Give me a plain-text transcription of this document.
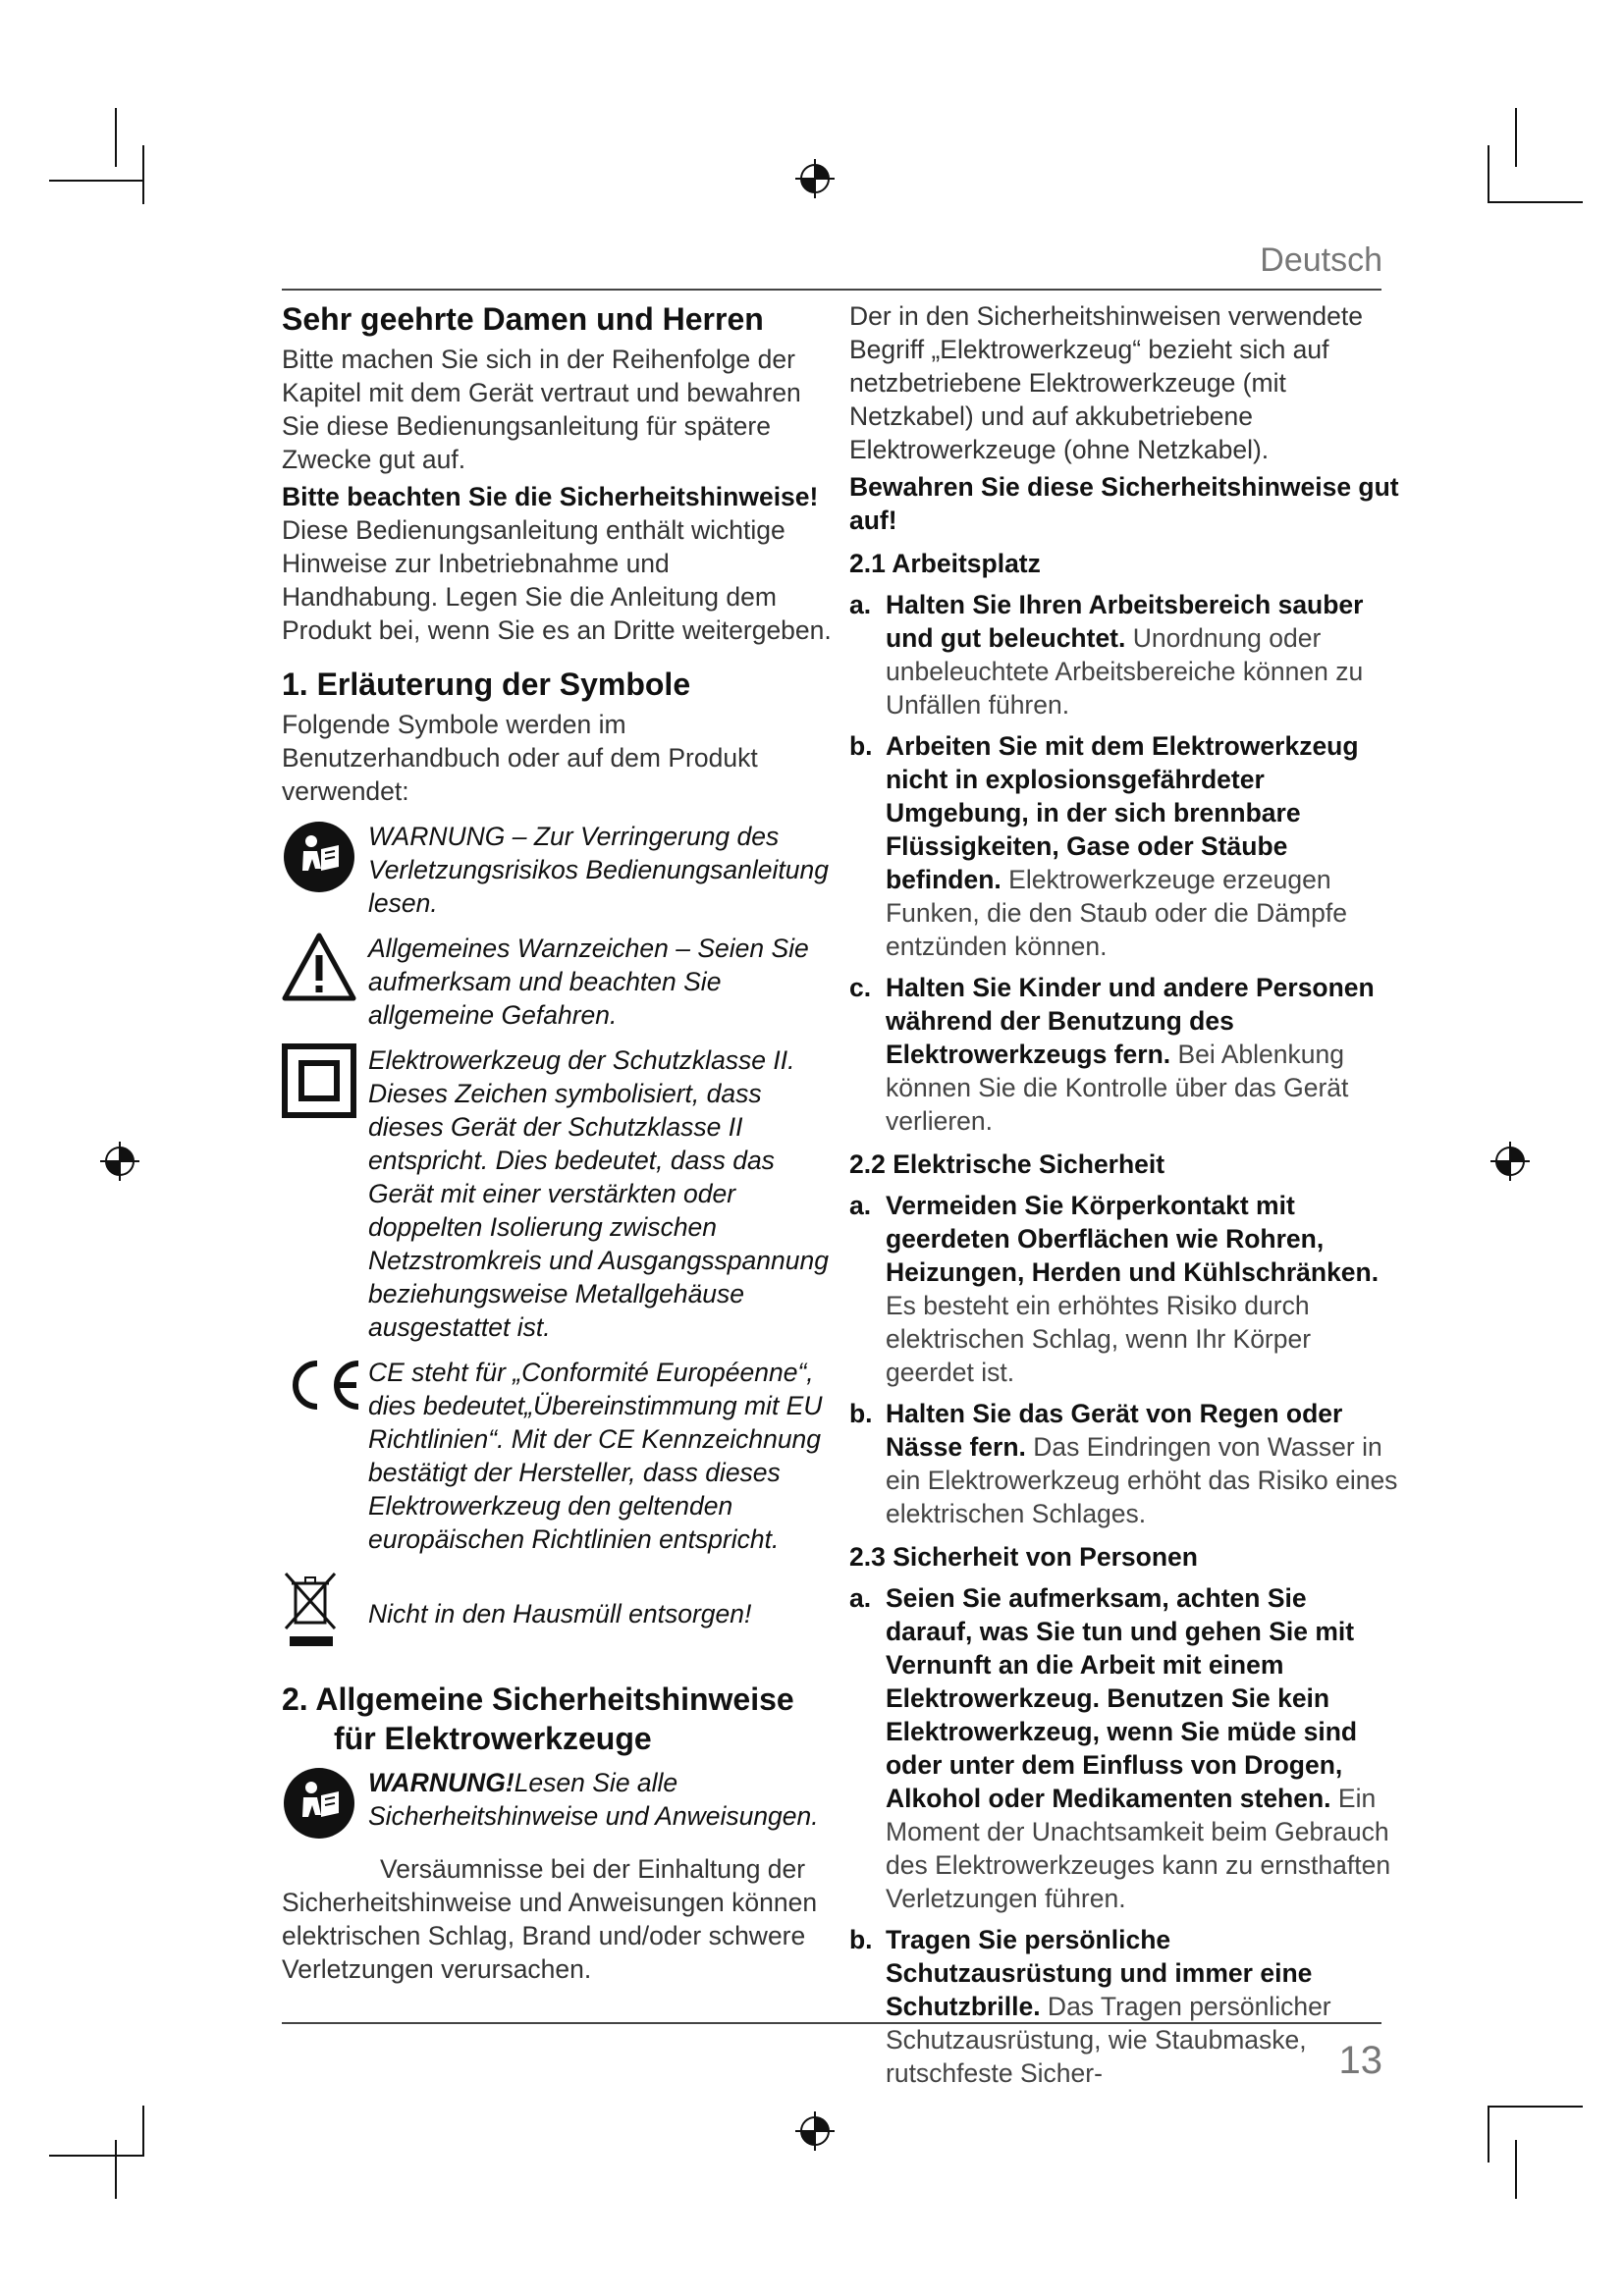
Deutsch
Sehr geehrte Damen und Herren

Bitte machen Sie sich in der Reihenfolge der Kapitel mit dem Gerät vertraut und bewahren Sie diese Bedienungsanleitung für spätere Zwecke gut auf.

Bitte beachten Sie die Sicherheitshinweise!

Diese Bedienungsanleitung enthält wichtige Hinweise zur Inbetriebnahme und Handhabung. Legen Sie die Anleitung dem Produkt bei, wenn Sie es an Dritte weitergeben.

1. Erläuterung der Symbole

Folgende Symbole werden im Benutzerhandbuch oder auf dem Produkt verwendet:

WARNUNG – Zur Verringerung des Verletzungsrisikos Bedienungsanleitung lesen.
Allgemeines Warnzeichen – Seien Sie aufmerksam und beachten Sie allgemeine Gefahren.
Elektrowerkzeug der Schutzklasse II. Dieses Zeichen symbolisiert, dass dieses Gerät der Schutzklasse II entspricht. Dies bedeutet, dass das Gerät mit einer verstärkten oder doppelten Isolierung zwischen Netzstromkreis und Ausgangsspannung beziehungsweise Metallgehäuse ausgestattet ist.
CE steht für „Conformité Européenne“, dies bedeutet„Übereinstimmung mit EU Richtlinien“. Mit der CE Kennzeichnung bestätigt der Hersteller, dass dieses Elektrowerkzeug den geltenden europäischen Richtlinien entspricht.
Nicht in den Hausmüll entsorgen!
2. Allgemeine Sicherheitshinweise für Elektrowerkzeuge
WARNUNG!Lesen Sie alle Sicherheitshinweise und Anweisungen.

Versäumnisse bei der Einhaltung der Sicherheitshinweise und Anweisungen können elektrischen Schlag, Brand und/oder schwere Verletzungen verursachen.

Der in den Sicherheitshinweisen verwendete Begriff „Elektrowerkzeug“ bezieht sich auf netzbetriebene Elektrowerkzeuge (mit Netzkabel) und auf akkubetriebene Elektrowerkzeuge (ohne Netzkabel).

Bewahren Sie diese Sicherheitshinweise gut auf!

2.1 Arbeitsplatz
a. Halten Sie Ihren Arbeitsbereich sauber und gut beleuchtet. Unordnung oder unbeleuchtete Arbeitsbereiche können zu Unfällen führen.
b. Arbeiten Sie mit dem Elektrowerkzeug nicht in explosionsgefährdeter Umgebung, in der sich brennbare Flüssigkeiten, Gase oder Stäube befinden. Elektrowerkzeuge erzeugen Funken, die den Staub oder die Dämpfe entzünden können.
c. Halten Sie Kinder und andere Personen während der Benutzung des Elektrowerkzeugs fern. Bei Ablenkung können Sie die Kontrolle über das Gerät verlieren.
2.2 Elektrische Sicherheit
a. Vermeiden Sie Körperkontakt mit geerdeten Oberflächen wie Rohren, Heizungen, Herden und Kühlschränken. Es besteht ein erhöhtes Risiko durch elektrischen Schlag, wenn Ihr Körper geerdet ist.
b. Halten Sie das Gerät von Regen oder Nässe fern. Das Eindringen von Wasser in ein Elektrowerkzeug erhöht das Risiko eines elektrischen Schlages.
2.3 Sicherheit von Personen
a. Seien Sie aufmerksam, achten Sie darauf, was Sie tun und gehen Sie mit Vernunft an die Arbeit mit einem Elektrowerkzeug. Benutzen Sie kein Elektrowerkzeug, wenn Sie müde sind oder unter dem Einfluss von Drogen, Alkohol oder Medikamenten stehen. Ein Moment der Unachtsamkeit beim Gebrauch des Elektrowerkzeuges kann zu ernsthaften Verletzungen führen.
b. Tragen Sie persönliche Schutzausrüstung und immer eine Schutzbrille. Das Tragen persönlicher Schutzausrüstung, wie Staubmaske, rutschfeste Sicher-	13
